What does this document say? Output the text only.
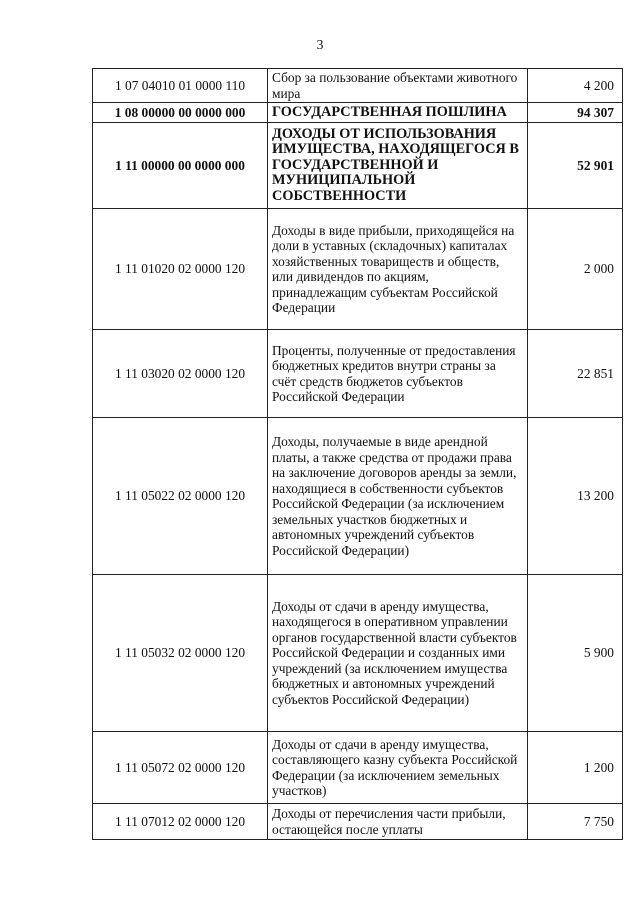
3
1 07 04010 01 0000 110	Сбор за пользование объектами животного мира	4 200
1 08 00000 00 0000 000	ГОСУДАРСТВЕННАЯ ПОШЛИНА	94 307
1 11 00000 00 0000 000	ДОХОДЫ ОТ ИСПОЛЬЗОВАНИЯ ИМУЩЕСТВА, НАХОДЯЩЕГОСЯ В ГОСУДАРСТВЕННОЙ И МУНИЦИПАЛЬНОЙ СОБСТВЕННОСТИ	52 901
1 11 01020 02 0000 120	Доходы в виде прибыли, приходящейся на доли в уставных (складочных) капиталах хозяйственных товариществ и обществ, или дивидендов по акциям, принадлежащим субъектам Российской Федерации	2 000
1 11 03020 02 0000 120	Проценты, полученные от предоставления бюджетных кредитов внутри страны за счёт средств бюджетов субъектов Российской Федерации	22 851
1 11 05022 02 0000 120	Доходы, получаемые в виде арендной платы, а также средства от продажи права на заключение договоров аренды за земли, находящиеся в собственности субъектов Российской Федерации (за исключением земельных участков бюджетных и автономных учреждений субъектов Российской Федерации)	13 200
1 11 05032 02 0000 120	Доходы от сдачи в аренду имущества, находящегося в оперативном управлении органов государственной власти субъектов Российской Федерации и созданных ими учреждений (за исключением имущества бюджетных и автономных учреждений субъектов Российской Федерации)	5 900
1 11 05072 02 0000 120	Доходы от сдачи в аренду имущества, составляющего казну субъекта Российской Федерации (за исключением земельных участков)	1 200
1 11 07012 02 0000 120	Доходы от перечисления части прибыли, остающейся после уплаты	7 750
